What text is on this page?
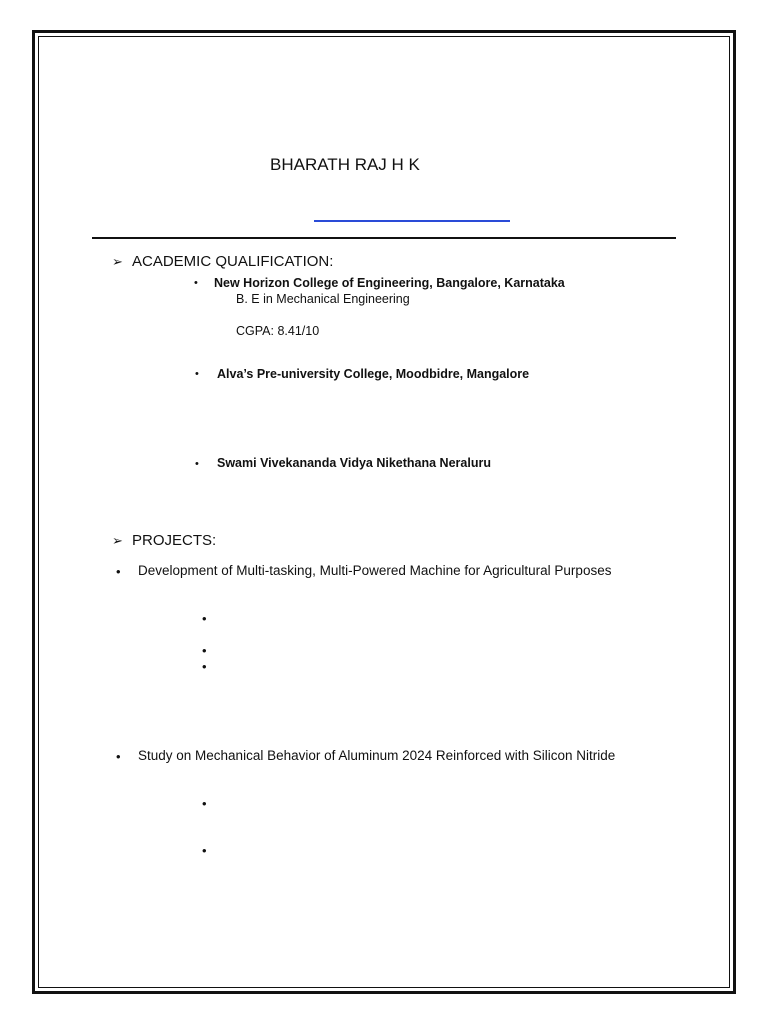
BHARATH RAJ H K
➢ ACADEMIC QUALIFICATION:
• New Horizon College of Engineering, Bangalore, Karnataka
B. E in Mechanical Engineering
CGPA: 8.41/10
• Alva’s Pre-university College, Moodbidre, Mangalore
• Swami Vivekananda Vidya Nikethana Neraluru
➢ PROJECTS:
• Development of Multi-tasking, Multi-Powered Machine for Agricultural Purposes
•
•
•
• Study on Mechanical Behavior of Aluminum 2024 Reinforced with Silicon Nitride
•
•
